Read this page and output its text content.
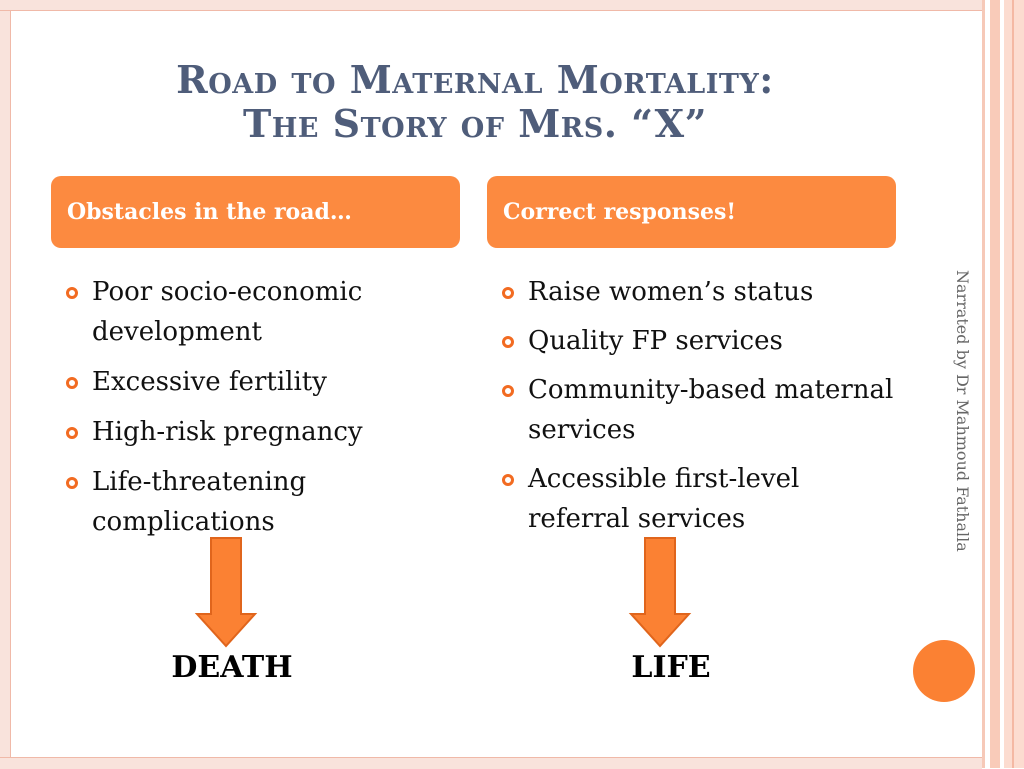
Road to Maternal Mortality:
The Story of Mrs. “X”
Obstacles in the road…	Correct responses!
Poor socio-economic development
Excessive fertility
High-risk pregnancy
Life-threatening complications
Raise women’s status
Quality FP services
Community-based maternal services
Accessible first-level referral services
DEATH	LIFE
Narrated by Dr Mahmoud Fathalla
